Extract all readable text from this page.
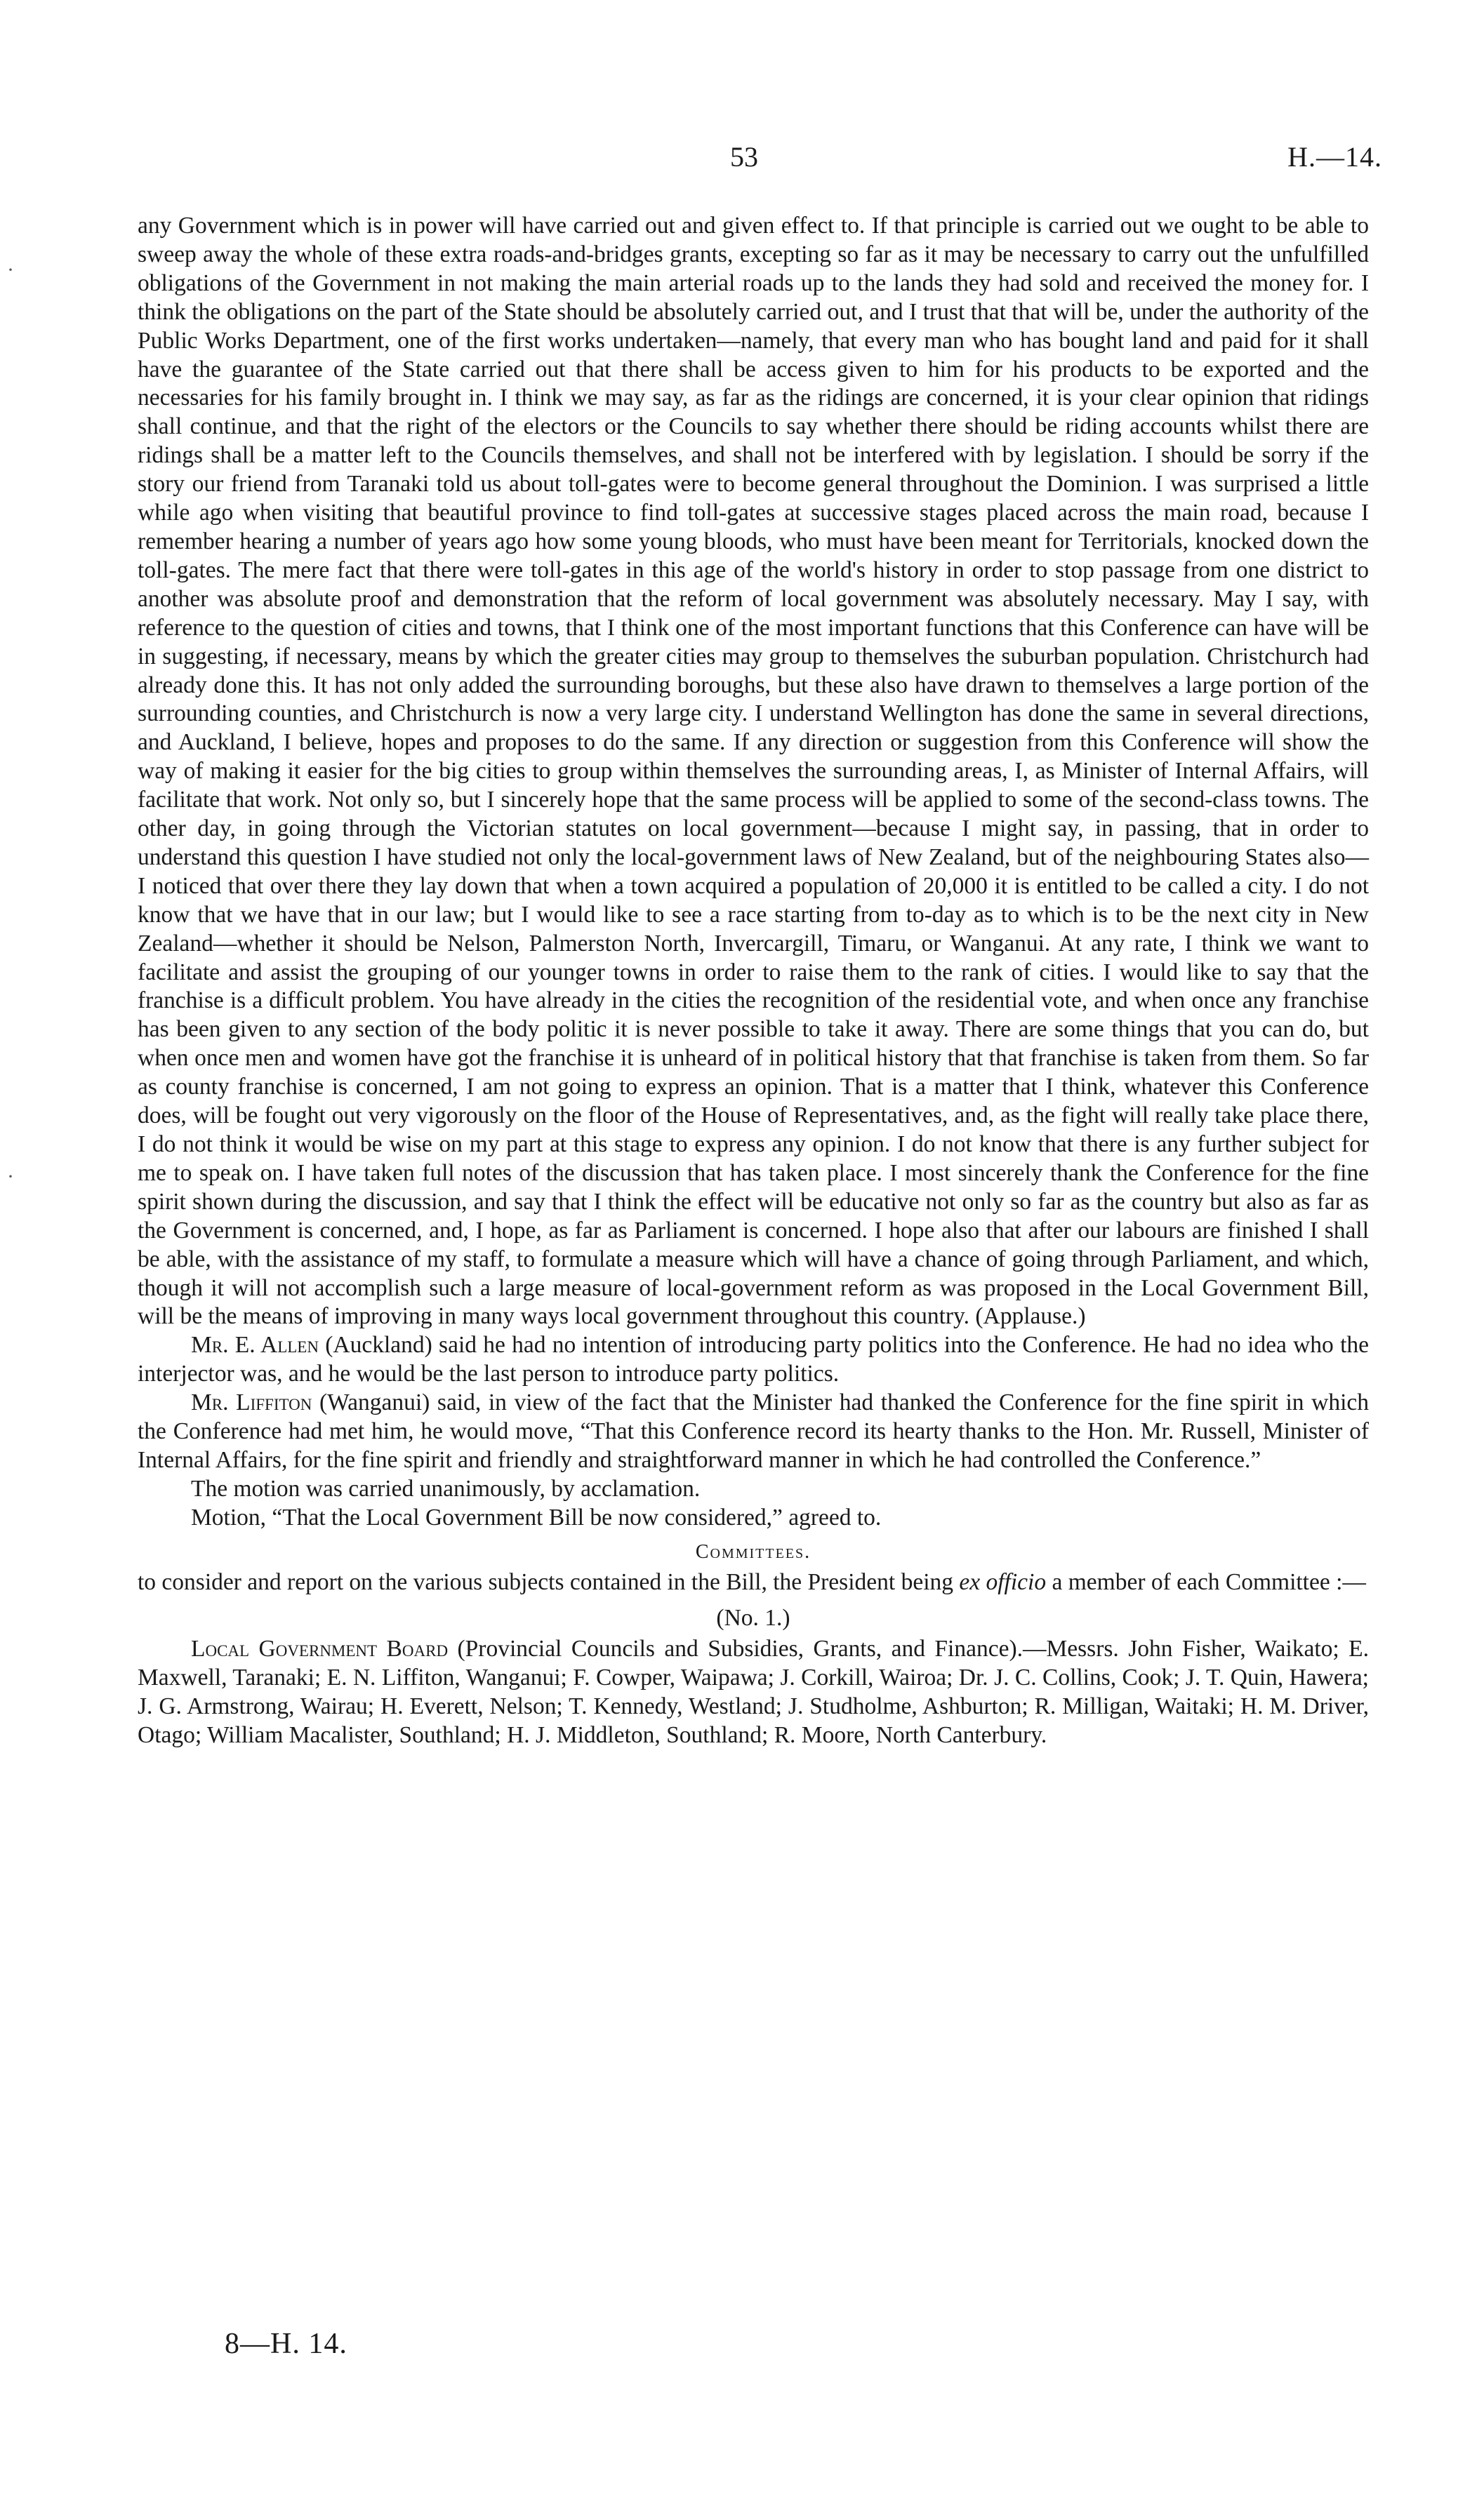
53	H.—14.
·
·

any Government which is in power will have carried out and given effect to. If that principle is carried out we ought to be able to sweep away the whole of these extra roads-and-bridges grants, excepting so far as it may be necessary to carry out the unfulfilled obligations of the Government in not making the main arterial roads up to the lands they had sold and received the money for. I think the obligations on the part of the State should be absolutely carried out, and I trust that that will be, under the authority of the Public Works Department, one of the first works undertaken—namely, that every man who has bought land and paid for it shall have the guarantee of the State carried out that there shall be access given to him for his products to be exported and the necessaries for his family brought in. I think we may say, as far as the ridings are concerned, it is your clear opinion that ridings shall continue, and that the right of the electors or the Councils to say whether there should be riding accounts whilst there are ridings shall be a matter left to the Councils themselves, and shall not be interfered with by legislation. I should be sorry if the story our friend from Taranaki told us about toll-gates were to become general throughout the Dominion. I was surprised a little while ago when visiting that beautiful province to find toll-gates at successive stages placed across the main road, because I remember hearing a number of years ago how some young bloods, who must have been meant for Territorials, knocked down the toll-gates. The mere fact that there were toll-gates in this age of the world's history in order to stop passage from one district to another was absolute proof and demonstration that the reform of local government was absolutely necessary. May I say, with reference to the question of cities and towns, that I think one of the most important functions that this Conference can have will be in suggesting, if necessary, means by which the greater cities may group to themselves the suburban population. Christchurch had already done this. It has not only added the surrounding boroughs, but these also have drawn to themselves a large portion of the surrounding counties, and Christchurch is now a very large city. I understand Wellington has done the same in several directions, and Auckland, I believe, hopes and proposes to do the same. If any direction or suggestion from this Conference will show the way of making it easier for the big cities to group within themselves the surrounding areas, I, as Minister of Internal Affairs, will facilitate that work. Not only so, but I sincerely hope that the same process will be applied to some of the second-class towns. The other day, in going through the Victorian statutes on local government—because I might say, in passing, that in order to understand this question I have studied not only the local-government laws of New Zealand, but of the neighbouring States also—I noticed that over there they lay down that when a town acquired a population of 20,000 it is entitled to be called a city. I do not know that we have that in our law; but I would like to see a race starting from to-day as to which is to be the next city in New Zealand—whether it should be Nelson, Palmerston North, Invercargill, Timaru, or Wanganui. At any rate, I think we want to facilitate and assist the grouping of our younger towns in order to raise them to the rank of cities. I would like to say that the franchise is a difficult problem. You have already in the cities the recognition of the residential vote, and when once any franchise has been given to any section of the body politic it is never possible to take it away. There are some things that you can do, but when once men and women have got the franchise it is unheard of in political history that that franchise is taken from them. So far as county franchise is concerned, I am not going to express an opinion. That is a matter that I think, whatever this Conference does, will be fought out very vigorously on the floor of the House of Representatives, and, as the fight will really take place there, I do not think it would be wise on my part at this stage to express any opinion. I do not know that there is any further subject for me to speak on. I have taken full notes of the discussion that has taken place. I most sincerely thank the Conference for the fine spirit shown during the discussion, and say that I think the effect will be educative not only so far as the country but also as far as the Government is concerned, and, I hope, as far as Parliament is concerned. I hope also that after our labours are finished I shall be able, with the assistance of my staff, to formulate a measure which will have a chance of going through Parliament, and which, though it will not accomplish such a large measure of local-government reform as was proposed in the Local Government Bill, will be the means of improving in many ways local government throughout this country. (Applause.)

Mr. E. Allen (Auckland) said he had no intention of introducing party politics into the Conference. He had no idea who the interjector was, and he would be the last person to introduce party politics.

Mr. Liffiton (Wanganui) said, in view of the fact that the Minister had thanked the Conference for the fine spirit in which the Conference had met him, he would move, “That this Conference record its hearty thanks to the Hon. Mr. Russell, Minister of Internal Affairs, for the fine spirit and friendly and straightforward manner in which he had controlled the Conference.”

The motion was carried unanimously, by acclamation.

Motion, “That the Local Government Bill be now considered,” agreed to.

Committees.

to consider and report on the various subjects contained in the Bill, the President being ex officio a member of each Committee :—

(No. 1.)

Local Government Board (Provincial Councils and Subsidies, Grants, and Finance).—Messrs. John Fisher, Waikato; E. Maxwell, Taranaki; E. N. Liffiton, Wanganui; F. Cowper, Waipawa; J. Corkill, Wairoa; Dr. J. C. Collins, Cook; J. T. Quin, Hawera; J. G. Armstrong, Wairau; H. Everett, Nelson; T. Kennedy, Westland; J. Studholme, Ashburton; R. Milligan, Waitaki; H. M. Driver, Otago; William Macalister, Southland; H. J. Middleton, Southland; R. Moore, North Canterbury.

8—H. 14.
